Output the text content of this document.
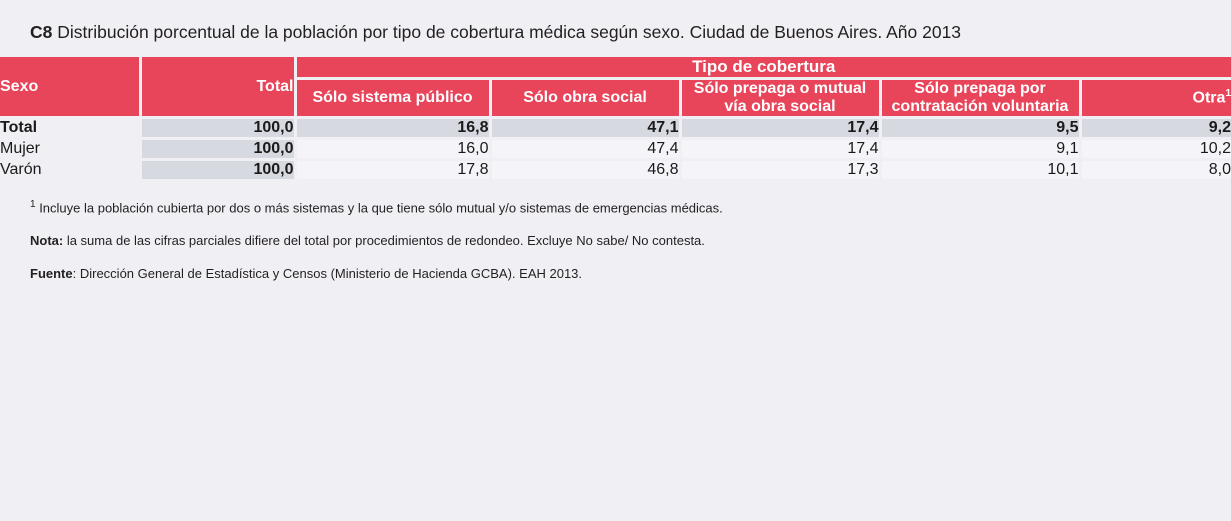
C8 Distribución porcentual de la población por tipo de cobertura médica según sexo. Ciudad de Buenos Aires. Año 2013
Sexo	Total	Tipo de cobertura				
		Sólo sistema público	Sólo obra social	Sólo prepaga o mutual vía obra social	Sólo prepaga por contratación voluntaria	Otra$^1$
Total	100,0	16,8	47,1	17,4	9,5	9,2
Mujer	100,0	16,0	47,4	17,4	9,1	10,2
Varón	100,0	17,8	46,8	17,3	10,1	8,0

$^1$ Incluye la población cubierta por dos o más sistemas y la que tiene sólo mutual y/o sistemas de emergencias médicas.

Nota: la suma de las cifras parciales difiere del total por procedimientos de redondeo. Excluye No sabe/ No contesta.

Fuente: Dirección General de Estadística y Censos (Ministerio de Hacienda GCBA). EAH 2013.
